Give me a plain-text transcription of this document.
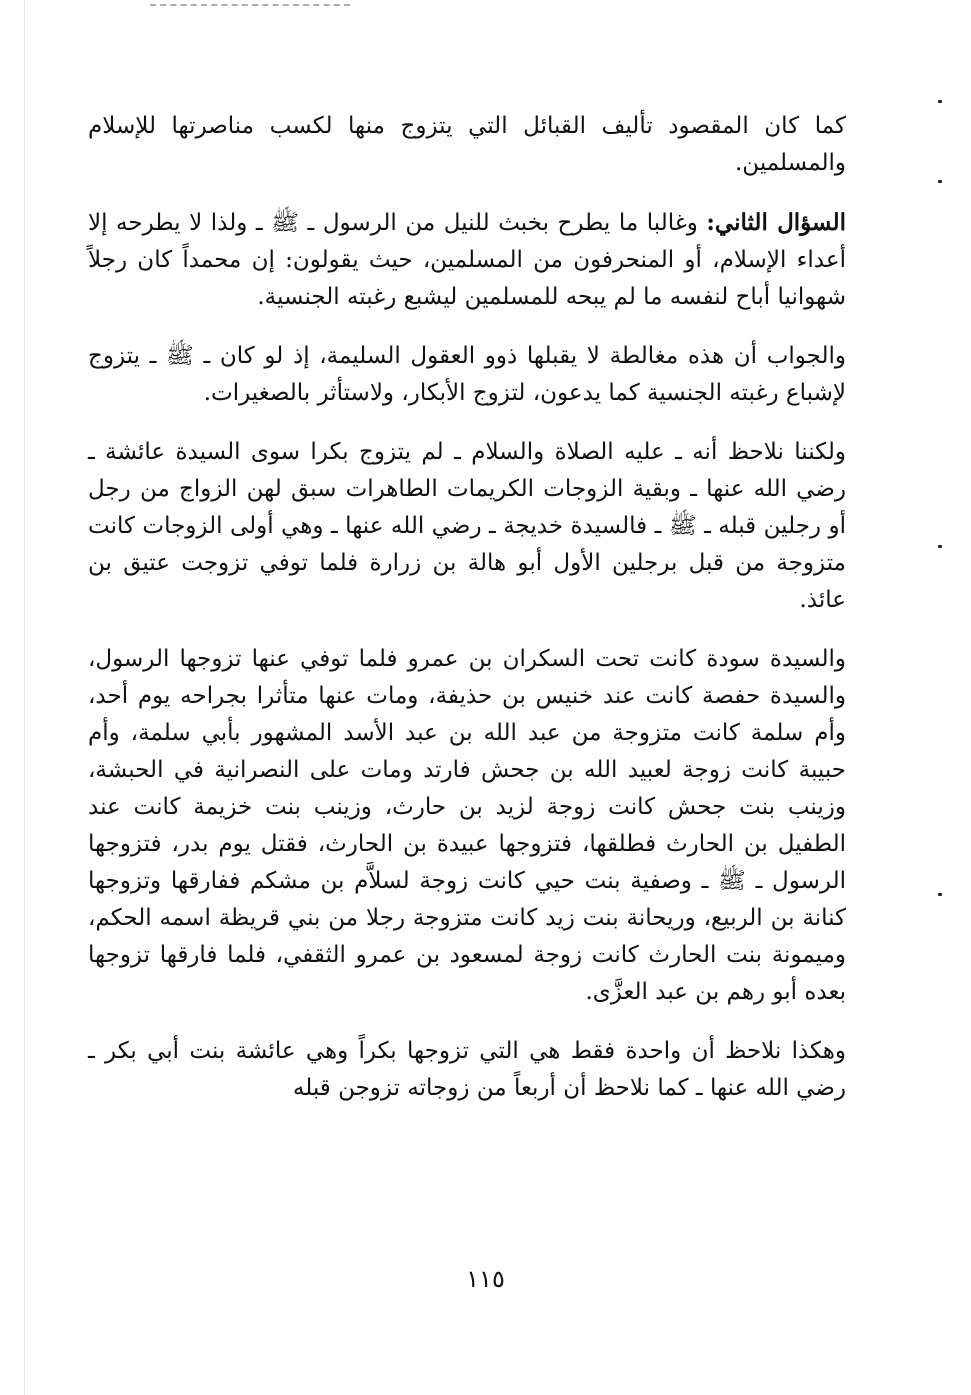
كما كان المقصود تأليف القبائل التي يتزوج منها لكسب مناصرتها للإسلام والمسلمين.

السؤال الثاني: وغالبا ما يطرح بخبث للنيل من الرسول ـ ﷺ ـ ولذا لا يطرحه إلا أعداء الإسلام، أو المنحرفون من المسلمين، حيث يقولون: إن محمداً كان رجلاً شهوانيا أباح لنفسه ما لم يبحه للمسلمين ليشبع رغبته الجنسية.

والجواب أن هذه مغالطة لا يقبلها ذوو العقول السليمة، إذ لو كان ـ ﷺ ـ يتزوج لإشباع رغبته الجنسية كما يدعون، لتزوج الأبكار، ولاستأثر بالصغيرات.

ولكننا نلاحظ أنه ـ عليه الصلاة والسلام ـ لم يتزوج بكرا سوى السيدة عائشة ـ رضي الله عنها ـ وبقية الزوجات الكريمات الطاهرات سبق لهن الزواج من رجل أو رجلين قبله ـ ﷺ ـ فالسيدة خديجة ـ رضي الله عنها ـ وهي أولى الزوجات كانت متزوجة من قبل برجلين الأول أبو هالة بن زرارة فلما توفي تزوجت عتيق بن عائذ.

والسيدة سودة كانت تحت السكران بن عمرو فلما توفي عنها تزوجها الرسول، والسيدة حفصة كانت عند خنيس بن حذيفة، ومات عنها متأثرا بجراحه يوم أحد، وأم سلمة كانت متزوجة من عبد الله بن عبد الأسد المشهور بأبي سلمة، وأم حبيبة كانت زوجة لعبيد الله بن جحش فارتد ومات على النصرانية في الحبشة، وزينب بنت جحش كانت زوجة لزيد بن حارث، وزينب بنت خزيمة كانت عند الطفيل بن الحارث فطلقها، فتزوجها عبيدة بن الحارث، فقتل يوم بدر، فتزوجها الرسول ـ ﷺ ـ وصفية بنت حيي كانت زوجة لسلاَّم بن مشكم ففارقها وتزوجها كنانة بن الربيع، وريحانة بنت زيد كانت متزوجة رجلا من بني قريظة اسمه الحكم، وميمونة بنت الحارث كانت زوجة لمسعود بن عمرو الثقفي، فلما فارقها تزوجها بعده أبو رهم بن عبد العزَّى.

وهكذا نلاحظ أن واحدة فقط هي التي تزوجها بكراً وهي عائشة بنت أبي بكر ـ رضي الله عنها ـ كما نلاحظ أن أربعاً من زوجاته تزوجن قبله

١١٥
